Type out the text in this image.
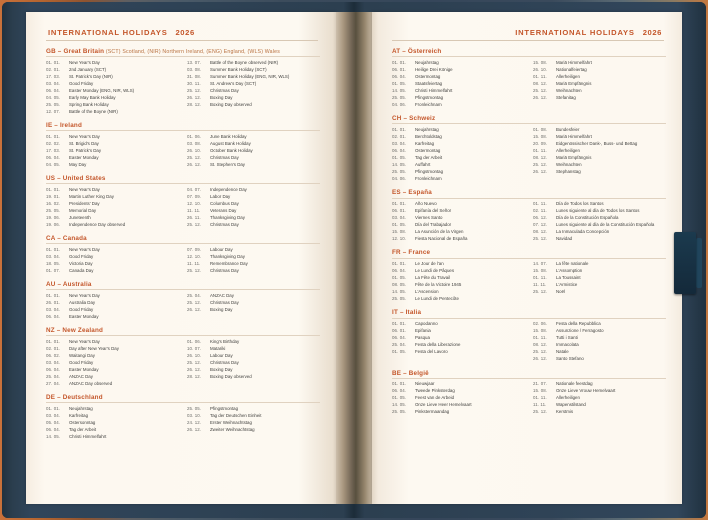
INTERNATIONAL HOLIDAYS 2026
GB – Great Britain (SCT) Scotland, (NIR) Northern Ireland, (ENG) England, (WLS) Wales
01. 01.	New Year's Day
02. 01.	2nd January (SCT)
17. 03.	St. Patrick's Day (NIR)
03. 04.	Good Friday
06. 04.	Easter Monday (ENG, NIR, WLS)
04. 05.	Early May Bank Holiday
25. 05.	Spring Bank Holiday
12. 07.	Battle of the Boyne (NIR)
13. 07.	Battle of the Boyne observed (NIR)
03. 08.	Summer Bank Holiday (SCT)
31. 08.	Summer Bank Holiday (ENG, NIR, WLS)
30. 11.	St. Andrew's Day (SCT)
25. 12.	Christmas Day
26. 12.	Boxing Day
28. 12.	Boxing Day observed
IE – Ireland
01. 01.	New Year's Day
02. 02.	St. Brigid's Day
17. 03.	St. Patrick's Day
06. 04.	Easter Monday
04. 05.	May Day
01. 06.	June Bank Holiday
03. 08.	August Bank Holiday
26. 10.	October Bank Holiday
25. 12.	Christmas Day
26. 12.	St. Stephen's Day
US – United States
01. 01.	New Year's Day
19. 01.	Martin Luther King Day
16. 02.	Presidents' Day
25. 05.	Memorial Day
19. 06.	Juneteenth
19. 06.	Independence Day observed
04. 07.	Independence Day
07. 09.	Labor Day
12. 10.	Columbus Day
11. 11.	Veterans Day
26. 11.	Thanksgiving Day
25. 12.	Christmas Day
CA – Canada
01. 01.	New Year's Day
03. 04.	Good Friday
18. 05.	Victoria Day
01. 07.	Canada Day
07. 09.	Labour Day
12. 10.	Thanksgiving Day
11. 11.	Remembrance Day
25. 12.	Christmas Day
AU – Australia
01. 01.	New Year's Day
26. 01.	Australia Day
03. 04.	Good Friday
06. 04.	Easter Monday
25. 04.	ANZAC Day
25. 12.	Christmas Day
26. 12.	Boxing Day
NZ – New Zealand
01. 01.	New Year's Day
02. 01.	Day after New Year's Day
06. 02.	Waitangi Day
03. 04.	Good Friday
06. 04.	Easter Monday
25. 04.	ANZAC Day
27. 04.	ANZAC Day observed
01. 06.	King's Birthday
10. 07.	Matariki
26. 10.	Labour Day
25. 12.	Christmas Day
26. 12.	Boxing Day
28. 12.	Boxing Day observed
DE – Deutschland
01. 01.	Neujahrstag
03. 04.	Karfreitag
05. 04.	Ostersonntag
06. 04.	Tag der Arbeit
14. 05.	Christi Himmelfahrt
25. 05.	Pfingstmontag
03. 10.	Tag der Deutschen Einheit
24. 12.	Erster Weihnachtstag
26. 12.	Zweiter Weihnachtstag
INTERNATIONAL HOLIDAYS 2026
AT – Österreich
01. 01.	Neujahrstag
06. 01.	Heilige Drei Könige
06. 04.	Ostermontag
01. 05.	Staatsfeiertag
14. 05.	Christi Himmelfahrt
25. 05.	Pfingstmontag
04. 06.	Fronleichnam
15. 08.	Mariä Himmelfahrt
26. 10.	Nationalfeiertag
01. 11.	Allerheiligen
08. 12.	Mariä Empfängnis
25. 12.	Weihnachten
26. 12.	Stefanitag
CH – Schweiz
01. 01.	Neujahrstag
02. 01.	Berchtoldstag
03. 04.	Karfreitag
06. 04.	Ostermontag
01. 05.	Tag der Arbeit
14. 05.	Auffahrt
25. 05.	Pfingstmontag
04. 06.	Fronleichnam
01. 08.	Bundesfeier
15. 08.	Mariä Himmelfahrt
20. 09.	Eidgenössischer Dank-, Buss- und Bettag
01. 11.	Allerheiligen
08. 12.	Mariä Empfängnis
25. 12.	Weihnachten
26. 12.	Stephanstag
ES – España
01. 01.	Año Nuevo
06. 01.	Epifanía del Señor
03. 04.	Viernes Santo
01. 05.	Día del Trabajador
15. 08.	La Asunción de la Virgen
12. 10.	Fiesta Nacional de España
01. 11.	Día de Todos los Santos
02. 11.	Lunes siguiente al día de Todos los Santos
06. 12.	Día de la Constitución Española
07. 12.	Lunes siguiente al día de la Constitución Española
08. 12.	La Inmaculada Concepción
25. 12.	Navidad
FR – France
01. 01.	Le Jour de l'an
06. 04.	Le Lundi de Pâques
01. 05.	La Fête du Travail
08. 05.	Fête de la Victoire 1945
14. 05.	L'Ascension
25. 05.	Le Lundi de Pentecôte
14. 07.	La fête nationale
15. 08.	L'Assomption
01. 11.	La Toussaint
11. 11.	L'Armistice
25. 12.	Noël
IT – Italia
01. 01.	Capodanno
06. 01.	Epifania
06. 04.	Pasqua
25. 04.	Festa della Liberazione
01. 05.	Festa del Lavoro
02. 06.	Festa della Repubblica
15. 08.	Assunzione / Ferragosto
01. 11.	Tutti i Santi
08. 12.	Immacolata
25. 12.	Natale
26. 12.	Santo Stefano
BE – België
01. 01.	Nieuwjaar
06. 04.	Tweede Pinksterdag
01. 05.	Feest van de Arbeid
14. 05.	Onze Lieve Heer Hemelvaart
25. 05.	Pinkstermaandag
21. 07.	Nationale feestdag
15. 08.	Onze Lieve Vrouw Hemelvaart
01. 11.	Allerheiligen
11. 11.	Wapenstilstand
25. 12.	Kerstmis
